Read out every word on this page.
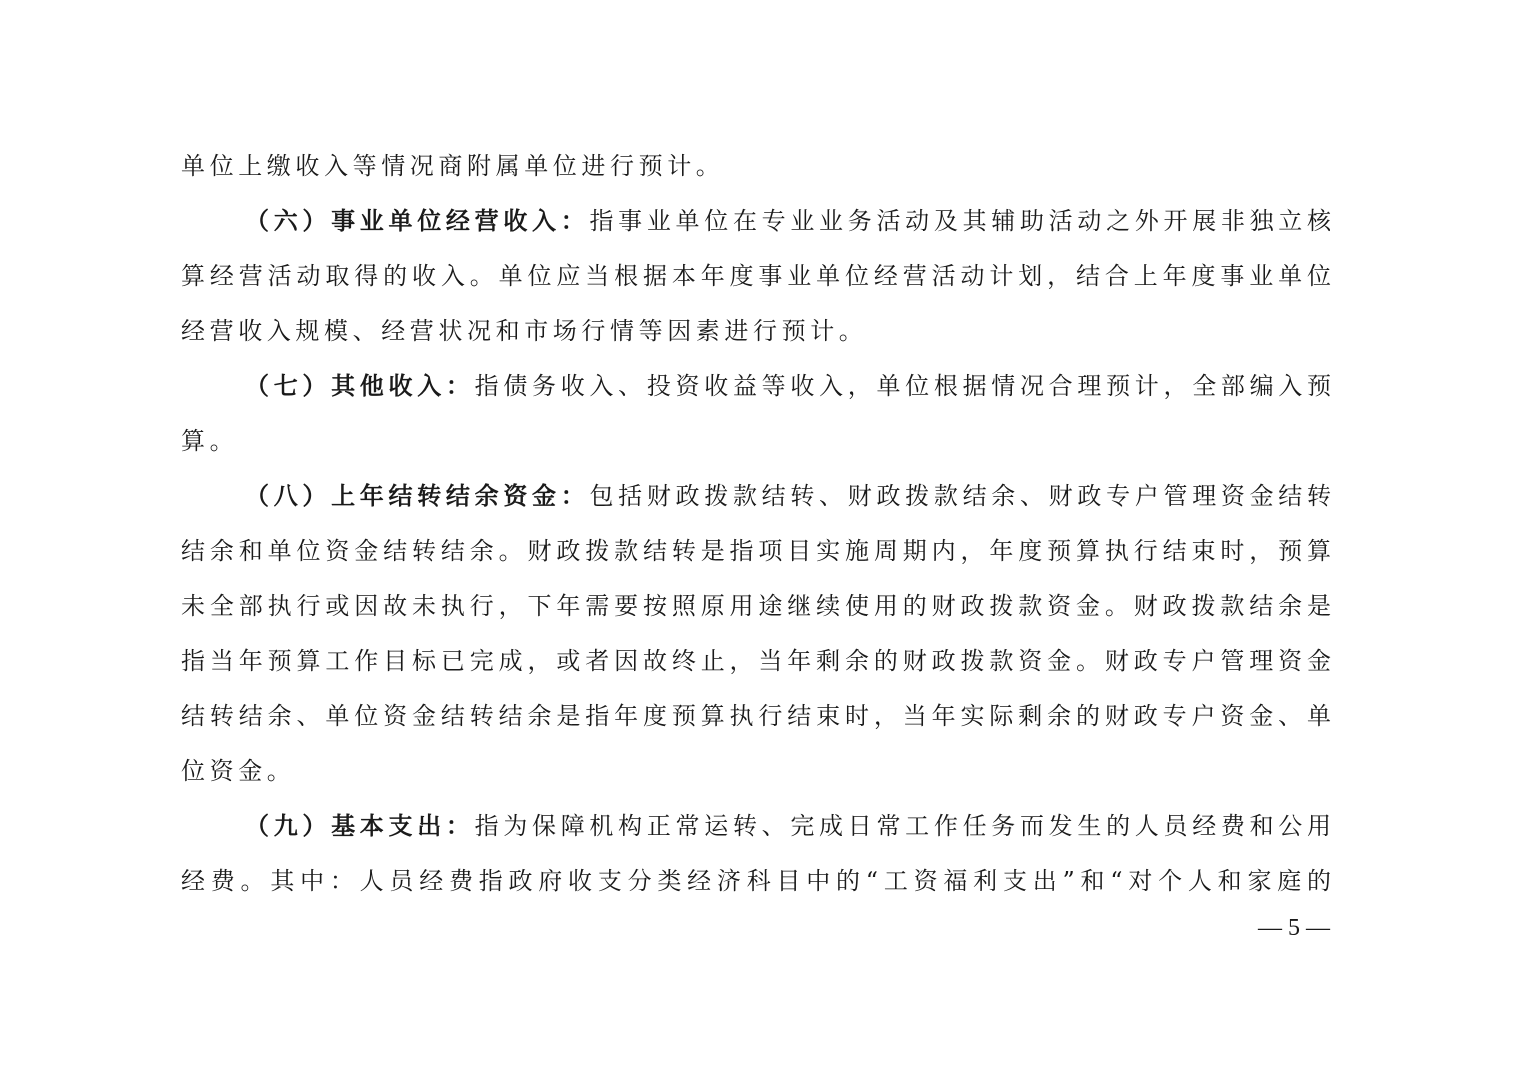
单位上缴收入等情况商附属单位进行预计。
（六）事业单位经营收入：指事业单位在专业业务活动及其辅助活动之外开展非独立核
算经营活动取得的收入。单位应当根据本年度事业单位经营活动计划，结合上年度事业单位
经营收入规模、经营状况和市场行情等因素进行预计。
（七）其他收入：指债务收入、投资收益等收入，单位根据情况合理预计，全部编入预
算。
（八）上年结转结余资金：包括财政拨款结转、财政拨款结余、财政专户管理资金结转
结余和单位资金结转结余。财政拨款结转是指项目实施周期内，年度预算执行结束时，预算
未全部执行或因故未执行，下年需要按照原用途继续使用的财政拨款资金。财政拨款结余是
指当年预算工作目标已完成，或者因故终止，当年剩余的财政拨款资金。财政专户管理资金
结转结余、单位资金结转结余是指年度预算执行结束时，当年实际剩余的财政专户资金、单
位资金。
（九）基本支出：指为保障机构正常运转、完成日常工作任务而发生的人员经费和公用
经费。其中：人员经费指政府收支分类经济科目中的“工资福利支出”和“对个人和家庭的
— 5 —
